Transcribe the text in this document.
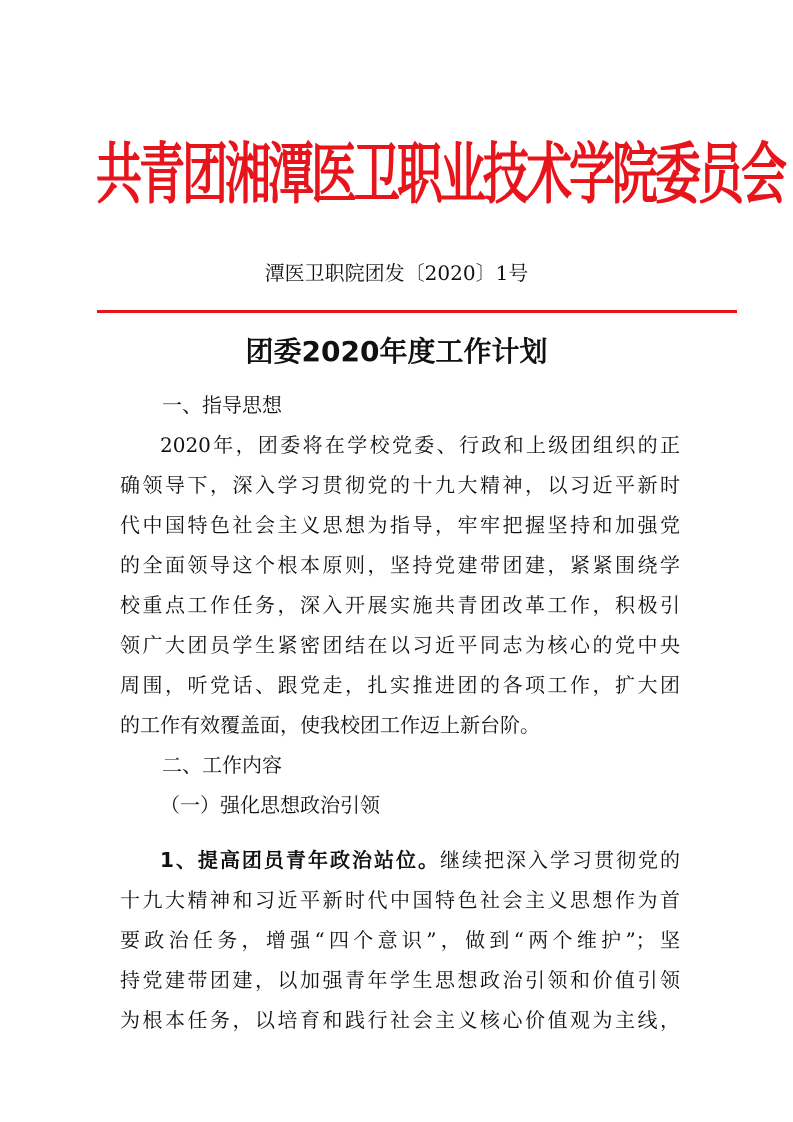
共青团湘潭医卫职业技术学院委员会
潭医卫职院团发〔2020〕1号
团委2020年度工作计划
一、指导思想
2020年，团委将在学校党委、行政和上级团组织的正
确领导下，深入学习贯彻党的十九大精神，以习近平新时
代中国特色社会主义思想为指导，牢牢把握坚持和加强党
的全面领导这个根本原则，坚持党建带团建，紧紧围绕学
校重点工作任务，深入开展实施共青团改革工作，积极引
领广大团员学生紧密团结在以习近平同志为核心的党中央
周围，听党话、跟党走，扎实推进团的各项工作，扩大团
的工作有效覆盖面，使我校团工作迈上新台阶。
二、工作内容
（一）强化思想政治引领
1、提高团员青年政治站位。继续把深入学习贯彻党的
十九大精神和习近平新时代中国特色社会主义思想作为首
要政治任务，增强“四个意识”，做到“两个维护”；坚
持党建带团建，以加强青年学生思想政治引领和价值引领
为根本任务，以培育和践行社会主义核心价值观为主线，
